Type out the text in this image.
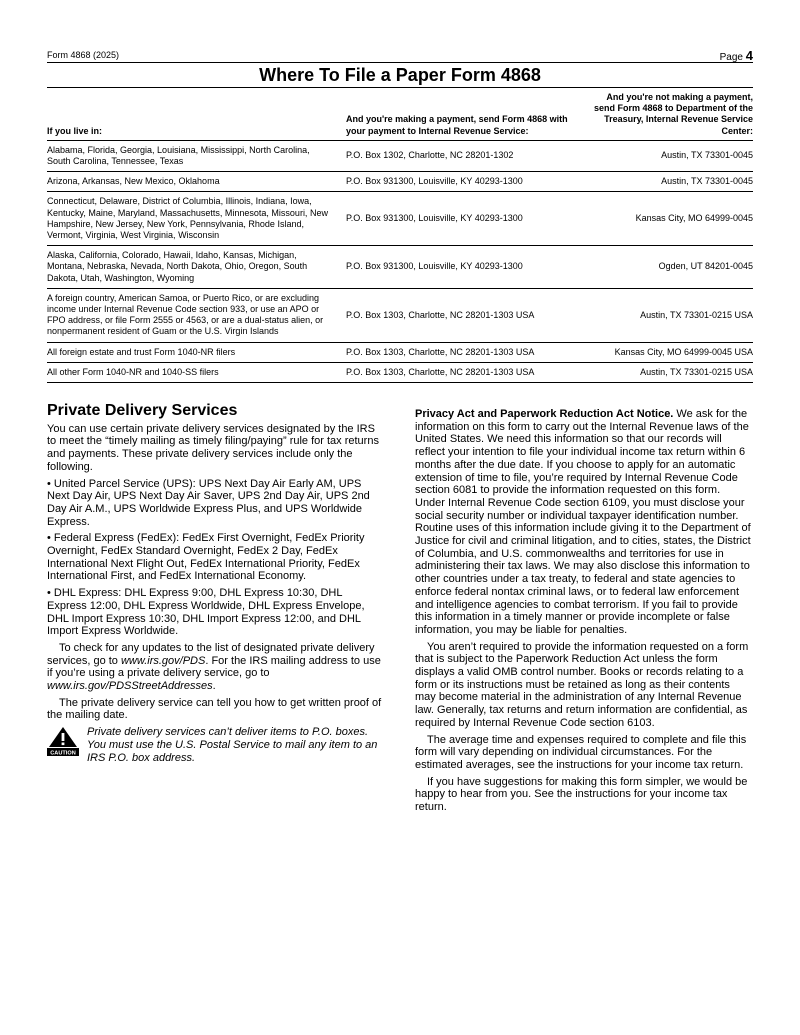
Form 4868 (2025)	Page 4
Where To File a Paper Form 4868
If you live in:	And you're making a payment, send Form 4868 with your payment to Internal Revenue Service:	And you're not making a payment, send Form 4868 to Department of the Treasury, Internal Revenue Service Center:
Alabama, Florida, Georgia, Louisiana, Mississippi, North Carolina, South Carolina, Tennessee, Texas	P.O. Box 1302, Charlotte, NC 28201-1302	Austin, TX 73301-0045
Arizona, Arkansas, New Mexico, Oklahoma	P.O. Box 931300, Louisville, KY 40293-1300	Austin, TX 73301-0045
Connecticut, Delaware, District of Columbia, Illinois, Indiana, Iowa, Kentucky, Maine, Maryland, Massachusetts, Minnesota, Missouri, New Hampshire, New Jersey, New York, Pennsylvania, Rhode Island, Vermont, Virginia, West Virginia, Wisconsin	P.O. Box 931300, Louisville, KY 40293-1300	Kansas City, MO 64999-0045
Alaska, California, Colorado, Hawaii, Idaho, Kansas, Michigan, Montana, Nebraska, Nevada, North Dakota, Ohio, Oregon, South Dakota, Utah, Washington, Wyoming	P.O. Box 931300, Louisville, KY 40293-1300	Ogden, UT 84201-0045
A foreign country, American Samoa, or Puerto Rico, or are excluding income under Internal Revenue Code section 933, or use an APO or FPO address, or file Form 2555 or 4563, or are a dual-status alien, or nonpermanent resident of Guam or the U.S. Virgin Islands	P.O. Box 1303, Charlotte, NC 28201-1303 USA	Austin, TX 73301-0215 USA
All foreign estate and trust Form 1040-NR filers	P.O. Box 1303, Charlotte, NC 28201-1303 USA	Kansas City, MO 64999-0045 USA
All other Form 1040-NR and 1040-SS filers	P.O. Box 1303, Charlotte, NC 28201-1303 USA	Austin, TX 73301-0215 USA
Private Delivery Services

You can use certain private delivery services designated by the IRS to meet the “timely mailing as timely filing/paying” rule for tax returns and payments. These private delivery services include only the following.

• United Parcel Service (UPS): UPS Next Day Air Early AM, UPS Next Day Air, UPS Next Day Air Saver, UPS 2nd Day Air, UPS 2nd Day Air A.M., UPS Worldwide Express Plus, and UPS Worldwide Express.

• Federal Express (FedEx): FedEx First Overnight, FedEx Priority Overnight, FedEx Standard Overnight, FedEx 2 Day, FedEx International Next Flight Out, FedEx International Priority, FedEx International First, and FedEx International Economy.

• DHL Express: DHL Express 9:00, DHL Express 10:30, DHL Express 12:00, DHL Express Worldwide, DHL Express Envelope, DHL Import Express 10:30, DHL Import Express 12:00, and DHL Import Express Worldwide.

To check for any updates to the list of designated private delivery services, go to www.irs.gov/PDS. For the IRS mailing address to use if you’re using a private delivery service, go to www.irs.gov/PDSStreetAddresses.

The private delivery service can tell you how to get written proof of the mailing date.

CAUTION
Private delivery services can’t deliver items to P.O. boxes. You must use the U.S. Postal Service to mail any item to an IRS P.O. box address.

Privacy Act and Paperwork Reduction Act Notice. We ask for the information on this form to carry out the Internal Revenue laws of the United States. We need this information so that our records will reflect your intention to file your individual income tax return within 6 months after the due date. If you choose to apply for an automatic extension of time to file, you’re required by Internal Revenue Code section 6081 to provide the information requested on this form. Under Internal Revenue Code section 6109, you must disclose your social security number or individual taxpayer identification number. Routine uses of this information include giving it to the Department of Justice for civil and criminal litigation, and to cities, states, the District of Columbia, and U.S. commonwealths and territories for use in administering their tax laws. We may also disclose this information to other countries under a tax treaty, to federal and state agencies to enforce federal nontax criminal laws, or to federal law enforcement and intelligence agencies to combat terrorism. If you fail to provide this information in a timely manner or provide incomplete or false information, you may be liable for penalties.

You aren’t required to provide the information requested on a form that is subject to the Paperwork Reduction Act unless the form displays a valid OMB control number. Books or records relating to a form or its instructions must be retained as long as their contents may become material in the administration of any Internal Revenue law. Generally, tax returns and return information are confidential, as required by Internal Revenue Code section 6103.

The average time and expenses required to complete and file this form will vary depending on individual circumstances. For the estimated averages, see the instructions for your income tax return.

If you have suggestions for making this form simpler, we would be happy to hear from you. See the instructions for your income tax return.
